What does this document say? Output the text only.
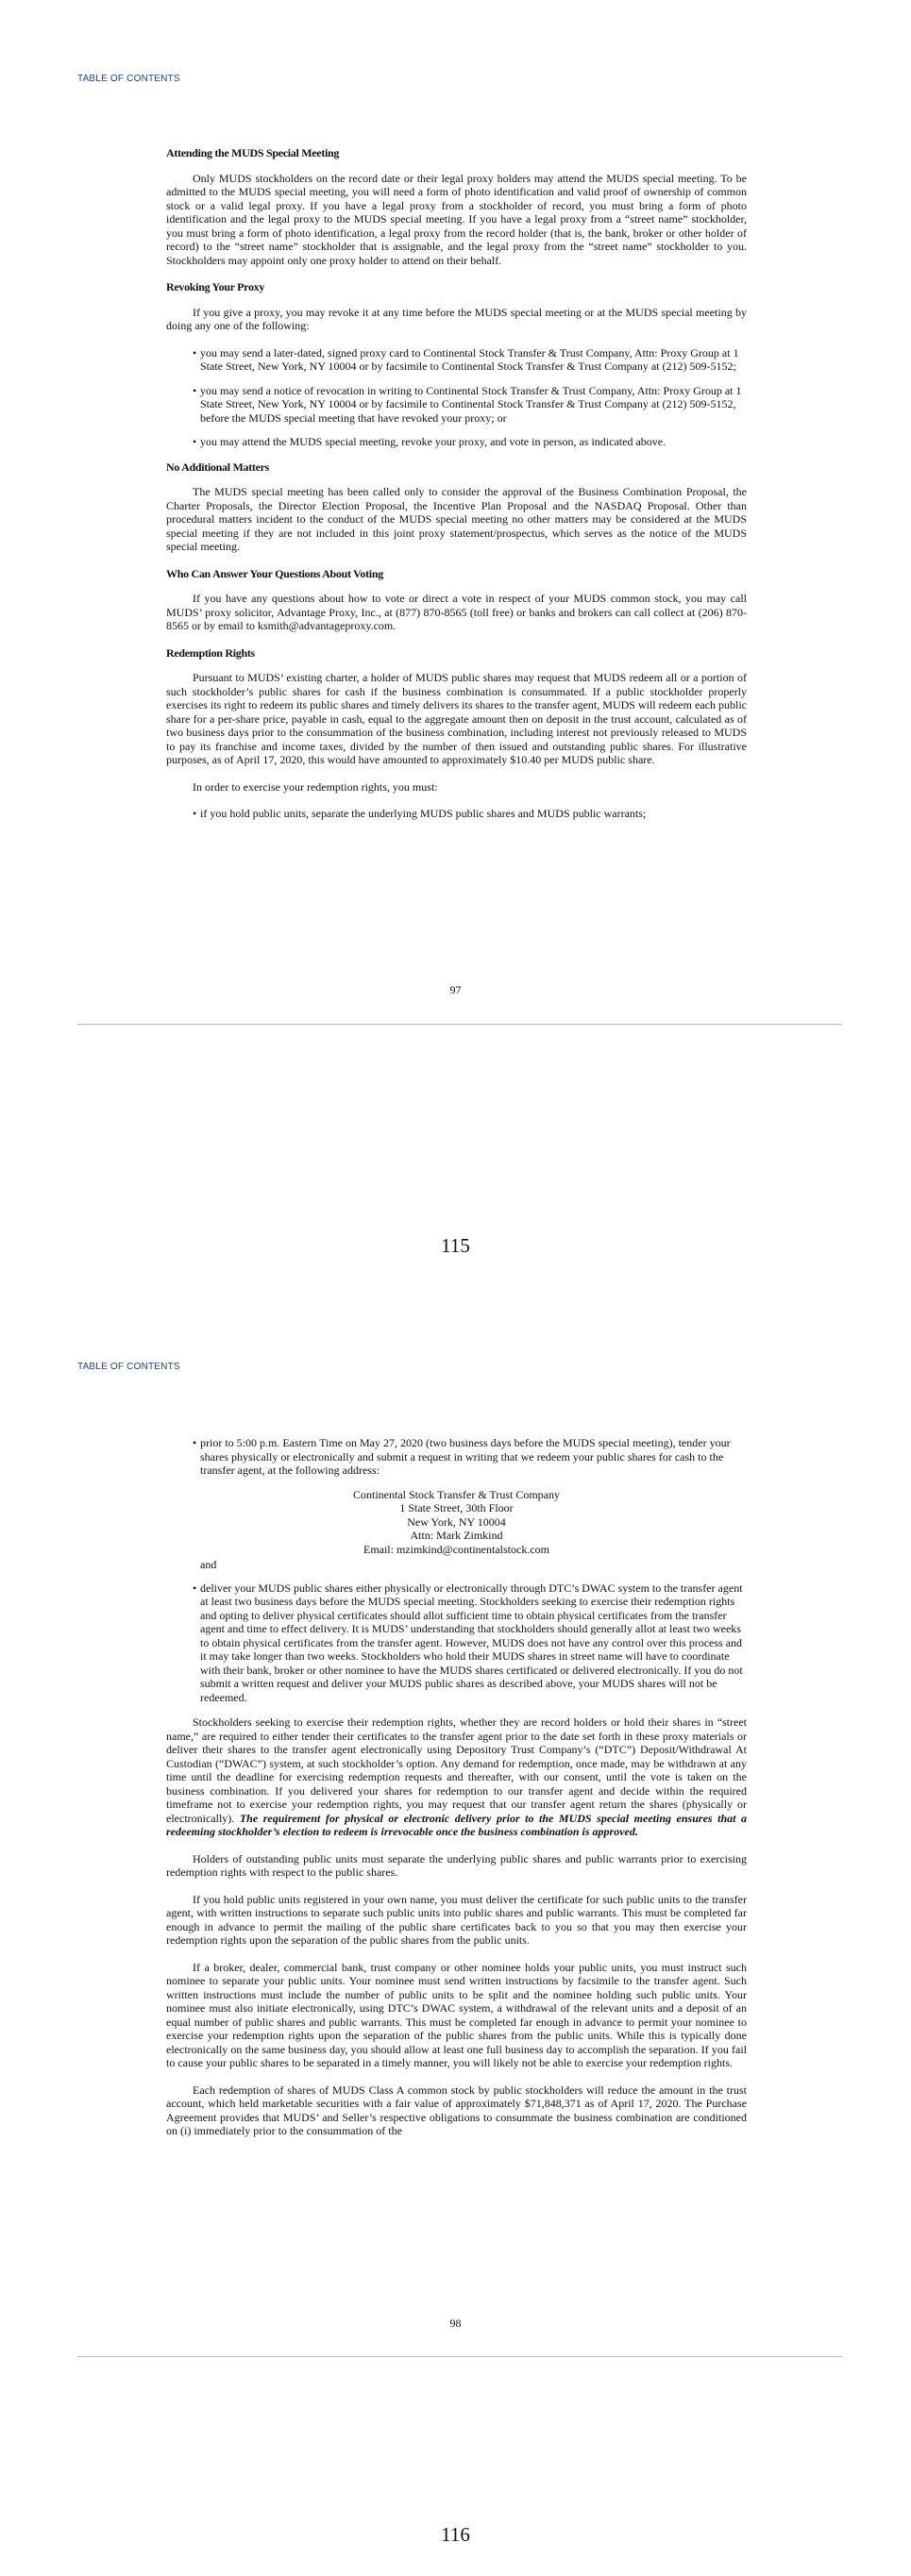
TABLE OF CONTENTS
Attending the MUDS Special Meeting

Only MUDS stockholders on the record date or their legal proxy holders may attend the MUDS special meeting. To be admitted to the MUDS special meeting, you will need a form of photo identification and valid proof of ownership of common stock or a valid legal proxy. If you have a legal proxy from a stockholder of record, you must bring a form of photo identification and the legal proxy to the MUDS special meeting. If you have a legal proxy from a “street name” stockholder, you must bring a form of photo identification, a legal proxy from the record holder (that is, the bank, broker or other holder of record) to the “street name” stockholder that is assignable, and the legal proxy from the “street name” stockholder to you. Stockholders may appoint only one proxy holder to attend on their behalf.

Revoking Your Proxy

If you give a proxy, you may revoke it at any time before the MUDS special meeting or at the MUDS special meeting by doing any one of the following:

• you may send a later-dated, signed proxy card to Continental Stock Transfer & Trust Company, Attn: Proxy Group at 1 State Street, New York, NY 10004 or by facsimile to Continental Stock Transfer & Trust Company at (212) 509-5152;
• you may send a notice of revocation in writing to Continental Stock Transfer & Trust Company, Attn: Proxy Group at 1 State Street, New York, NY 10004 or by facsimile to Continental Stock Transfer & Trust Company at (212) 509-5152, before the MUDS special meeting that have revoked your proxy; or
• you may attend the MUDS special meeting, revoke your proxy, and vote in person, as indicated above.
No Additional Matters

The MUDS special meeting has been called only to consider the approval of the Business Combination Proposal, the Charter Proposals, the Director Election Proposal, the Incentive Plan Proposal and the NASDAQ Proposal. Other than procedural matters incident to the conduct of the MUDS special meeting no other matters may be considered at the MUDS special meeting if they are not included in this joint proxy statement/prospectus, which serves as the notice of the MUDS special meeting.

Who Can Answer Your Questions About Voting

If you have any questions about how to vote or direct a vote in respect of your MUDS common stock, you may call MUDS’ proxy solicitor, Advantage Proxy, Inc., at (877) 870-8565 (toll free) or banks and brokers can call collect at (206) 870-8565 or by email to ksmith@advantageproxy.com.

Redemption Rights

Pursuant to MUDS’ existing charter, a holder of MUDS public shares may request that MUDS redeem all or a portion of such stockholder’s public shares for cash if the business combination is consummated. If a public stockholder properly exercises its right to redeem its public shares and timely delivers its shares to the transfer agent, MUDS will redeem each public share for a per-share price, payable in cash, equal to the aggregate amount then on deposit in the trust account, calculated as of two business days prior to the consummation of the business combination, including interest not previously released to MUDS to pay its franchise and income taxes, divided by the number of then issued and outstanding public shares. For illustrative purposes, as of April 17, 2020, this would have amounted to approximately $10.40 per MUDS public share.

In order to exercise your redemption rights, you must:

• if you hold public units, separate the underlying MUDS public shares and MUDS public warrants;
97
115
TABLE OF CONTENTS
• prior to 5:00 p.m. Eastern Time on May 27, 2020 (two business days before the MUDS special meeting), tender your shares physically or electronically and submit a request in writing that we redeem your public shares for cash to the transfer agent, at the following address:
Continental Stock Transfer & Trust Company
1 State Street, 30th Floor
New York, NY 10004
Attn: Mark Zimkind
Email: mzimkind@continentalstock.com
and
• deliver your MUDS public shares either physically or electronically through DTC’s DWAC system to the transfer agent at least two business days before the MUDS special meeting. Stockholders seeking to exercise their redemption rights and opting to deliver physical certificates should allot sufficient time to obtain physical certificates from the transfer agent and time to effect delivery. It is MUDS’ understanding that stockholders should generally allot at least two weeks to obtain physical certificates from the transfer agent. However, MUDS does not have any control over this process and it may take longer than two weeks. Stockholders who hold their MUDS shares in street name will have to coordinate with their bank, broker or other nominee to have the MUDS shares certificated or delivered electronically. If you do not submit a written request and deliver your MUDS public shares as described above, your MUDS shares will not be redeemed.

Stockholders seeking to exercise their redemption rights, whether they are record holders or hold their shares in “street name,” are required to either tender their certificates to the transfer agent prior to the date set forth in these proxy materials or deliver their shares to the transfer agent electronically using Depository Trust Company’s (“DTC”) Deposit/Withdrawal At Custodian (“DWAC”) system, at such stockholder’s option. Any demand for redemption, once made, may be withdrawn at any time until the deadline for exercising redemption requests and thereafter, with our consent, until the vote is taken on the business combination. If you delivered your shares for redemption to our transfer agent and decide within the required timeframe not to exercise your redemption rights, you may request that our transfer agent return the shares (physically or electronically). The requirement for physical or electronic delivery prior to the MUDS special meeting ensures that a redeeming stockholder’s election to redeem is irrevocable once the business combination is approved.

Holders of outstanding public units must separate the underlying public shares and public warrants prior to exercising redemption rights with respect to the public shares.

If you hold public units registered in your own name, you must deliver the certificate for such public units to the transfer agent, with written instructions to separate such public units into public shares and public warrants. This must be completed far enough in advance to permit the mailing of the public share certificates back to you so that you may then exercise your redemption rights upon the separation of the public shares from the public units.

If a broker, dealer, commercial bank, trust company or other nominee holds your public units, you must instruct such nominee to separate your public units. Your nominee must send written instructions by facsimile to the transfer agent. Such written instructions must include the number of public units to be split and the nominee holding such public units. Your nominee must also initiate electronically, using DTC’s DWAC system, a withdrawal of the relevant units and a deposit of an equal number of public shares and public warrants. This must be completed far enough in advance to permit your nominee to exercise your redemption rights upon the separation of the public shares from the public units. While this is typically done electronically on the same business day, you should allow at least one full business day to accomplish the separation. If you fail to cause your public shares to be separated in a timely manner, you will likely not be able to exercise your redemption rights.

Each redemption of shares of MUDS Class A common stock by public stockholders will reduce the amount in the trust account, which held marketable securities with a fair value of approximately $71,848,371 as of April 17, 2020. The Purchase Agreement provides that MUDS’ and Seller’s respective obligations to consummate the business combination are conditioned on (i) immediately prior to the consummation of the

98
116
